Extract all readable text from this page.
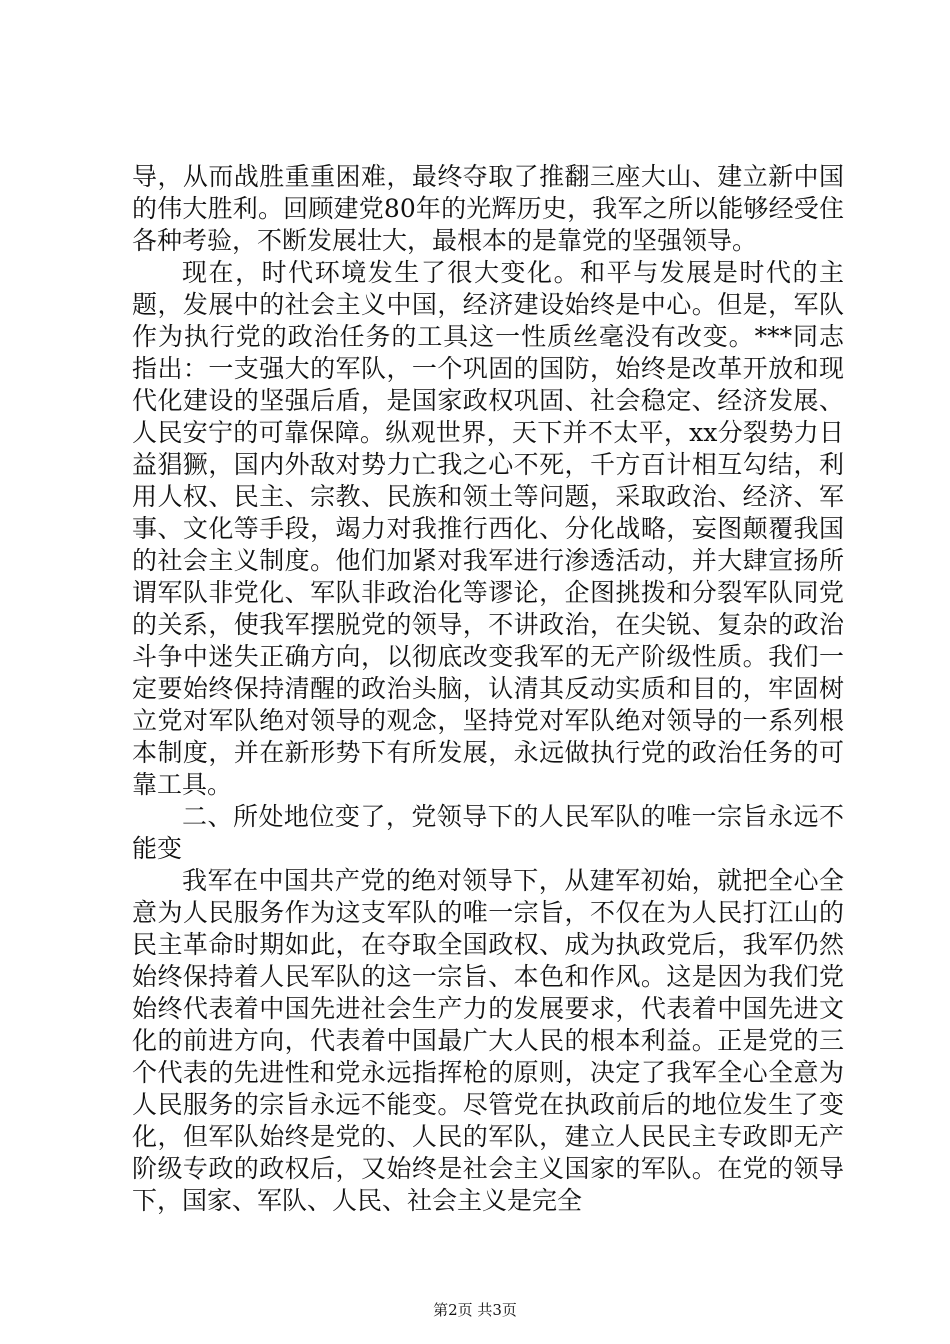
导，从而战胜重重困难，最终夺取了推翻三座大山、建立新中国的伟大胜利。回顾建党80年的光辉历史，我军之所以能够经受住各种考验，不断发展壮大，最根本的是靠党的坚强领导。

现在，时代环境发生了很大变化。和平与发展是时代的主题，发展中的社会主义中国，经济建设始终是中心。但是，军队作为执行党的政治任务的工具这一性质丝毫没有改变。***同志指出：一支强大的军队，一个巩固的国防，始终是改革开放和现代化建设的坚强后盾，是国家政权巩固、社会稳定、经济发展、人民安宁的可靠保障。纵观世界，天下并不太平，xx分裂势力日益猖獗，国内外敌对势力亡我之心不死，千方百计相互勾结，利用人权、民主、宗教、民族和领土等问题，采取政治、经济、军事、文化等手段，竭力对我推行西化、分化战略，妄图颠覆我国的社会主义制度。他们加紧对我军进行渗透活动，并大肆宣扬所谓军队非党化、军队非政治化等谬论，企图挑拨和分裂军队同党的关系，使我军摆脱党的领导，不讲政治，在尖锐、复杂的政治斗争中迷失正确方向，以彻底改变我军的无产阶级性质。我们一定要始终保持清醒的政治头脑，认清其反动实质和目的，牢固树立党对军队绝对领导的观念，坚持党对军队绝对领导的一系列根本制度，并在新形势下有所发展，永远做执行党的政治任务的可靠工具。

二、所处地位变了，党领导下的人民军队的唯一宗旨永远不能变

我军在中国共产党的绝对领导下，从建军初始，就把全心全意为人民服务作为这支军队的唯一宗旨，不仅在为人民打江山的民主革命时期如此，在夺取全国政权、成为执政党后，我军仍然始终保持着人民军队的这一宗旨、本色和作风。这是因为我们党始终代表着中国先进社会生产力的发展要求，代表着中国先进文化的前进方向，代表着中国最广大人民的根本利益。正是党的三个代表的先进性和党永远指挥枪的原则，决定了我军全心全意为人民服务的宗旨永远不能变。尽管党在执政前后的地位发生了变化，但军队始终是党的、人民的军队，建立人民民主专政即无产阶级专政的政权后，又始终是社会主义国家的军队。在党的领导下，国家、军队、人民、社会主义是完全

第2页 共3页
